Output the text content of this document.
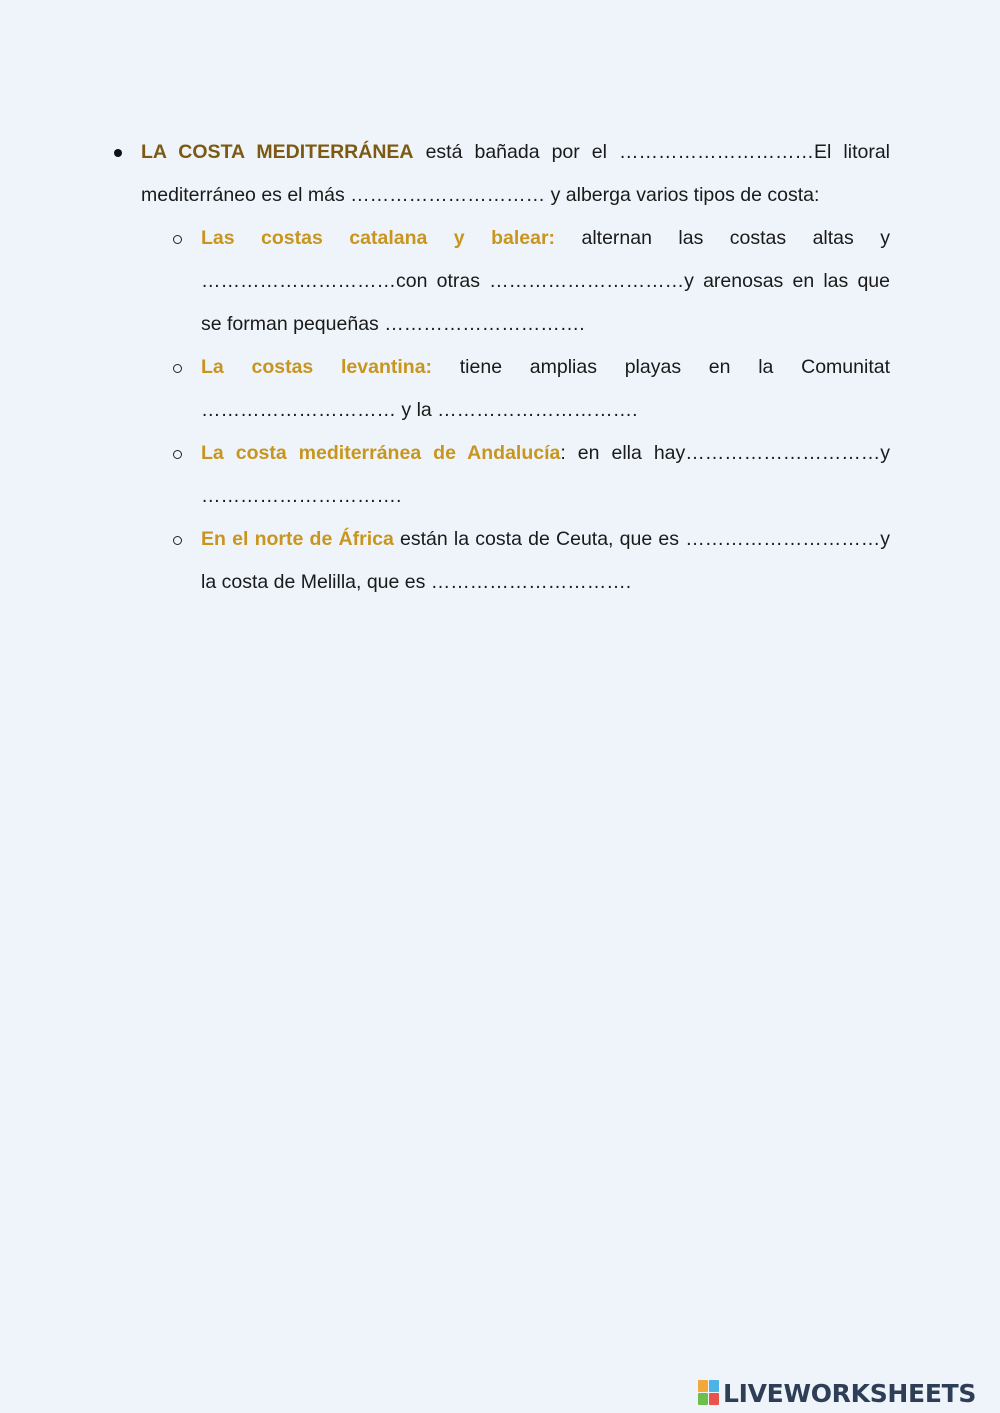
LA COSTA MEDITERRÁNEA está bañada por el …………………………El litoral mediterráneo es el más ………………………… y alberga varios tipos de costa:
Las costas catalana y balear: alternan las costas altas y …………………………con otras …………………………y arenosas en las que se forman pequeñas ………………………….
La costas levantina: tiene amplias playas en la Comunitat ………………………… y la ………………………….
La costa mediterránea de Andalucía: en ella hay…………………………y ………………………….
En el norte de África están la costa de Ceuta, que es …………………………y la costa de Melilla, que es ………………………….
LIVEWORKSHEETS
